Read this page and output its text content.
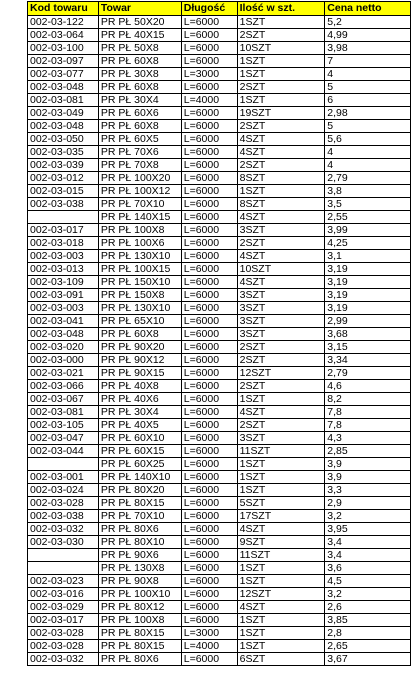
Kod towaru	Towar	Długość	Ilość w szt.	Cena netto
002-03-122	PR PŁ 50X20	L=6000	1SZT	5,2
002-03-064	PR PŁ 40X15	L=6000	2SZT	4,99
002-03-100	PR PŁ 50X8	L=6000	10SZT	3,98
002-03-097	PR PŁ 60X8	L=6000	1SZT	7
002-03-077	PR PŁ 30X8	L=3000	1SZT	4
002-03-048	PR PŁ 60X8	L=6000	2SZT	5
002-03-081	PR PŁ 30X4	L=4000	1SZT	6
002-03-049	PR PŁ 60X6	L=6000	19SZT	2,98
002-03-048	PR PŁ 60X8	L=6000	2SZT	5
002-03-050	PR PŁ 60X5	L=6000	4SZT	5,6
002-03-035	PR PŁ 70X6	L=6000	4SZT	4
002-03-039	PR PŁ 70X8	L=6000	2SZT	4
002-03-012	PR PŁ 100X20	L=6000	8SZT	2,79
002-03-015	PR PŁ 100X12	L=6000	1SZT	3,8
002-03-038	PR PŁ 70X10	L=6000	8SZT	3,5
	PR PŁ 140X15	L=6000	4SZT	2,55
002-03-017	PR PŁ 100X8	L=6000	3SZT	3,99
002-03-018	PR PŁ 100X6	L=6000	2SZT	4,25
002-03-003	PR PŁ 130X10	L=6000	4SZT	3,1
002-03-013	PR PŁ 100X15	L=6000	10SZT	3,19
002-03-109	PR PŁ 150X10	L=6000	4SZT	3,19
002-03-091	PR PŁ 150X8	L=6000	3SZT	3,19
002-03-003	PR PŁ 130X10	L=6000	3SZT	3,19
002-03-041	PR PŁ 65X10	L=6000	3SZT	2,99
002-03-048	PR PŁ 60X8	L=6000	3SZT	3,68
002-03-020	PR PŁ 90X20	L=6000	2SZT	3,15
002-03-000	PR PŁ 90X12	L=6000	2SZT	3,34
002-03-021	PR PŁ 90X15	L=6000	12SZT	2,79
002-03-066	PR PŁ 40X8	L=6000	2SZT	4,6
002-03-067	PR PŁ 40X6	L=6000	1SZT	8,2
002-03-081	PR PŁ 30X4	L=6000	4SZT	7,8
002-03-105	PR PŁ 40X5	L=6000	2SZT	7,8
002-03-047	PR PŁ 60X10	L=6000	3SZT	4,3
002-03-044	PR PŁ 60X15	L=6000	11SZT	2,85
	PR PŁ 60X25	L=6000	1SZT	3,9
002-03-001	PR PŁ 140X10	L=6000	1SZT	3,9
002-03-024	PR PŁ 80X20	L=6000	1SZT	3,3
002-03-028	PR PŁ 80X15	L=6000	5SZT	2,9
002-03-038	PR PŁ 70X10	L=6000	17SZT	3,2
002-03-032	PR PŁ 80X6	L=6000	4SZT	3,95
002-03-030	PR PŁ 80X10	L=6000	9SZT	3,4
	PR PŁ 90X6	L=6000	11SZT	3,4
	PR PŁ 130X8	L=6000	1SZT	3,6
002-03-023	PR PŁ 90X8	L=6000	1SZT	4,5
002-03-016	PR PŁ 100X10	L=6000	12SZT	3,2
002-03-029	PR PŁ 80X12	L=6000	4SZT	2,6
002-03-017	PR PŁ 100X8	L=6000	1SZT	3,85
002-03-028	PR PŁ 80X15	L=3000	1SZT	2,8
002-03-028	PR PŁ 80X15	L=4000	1SZT	2,65
002-03-032	PR PŁ 80X6	L=6000	6SZT	3,67
